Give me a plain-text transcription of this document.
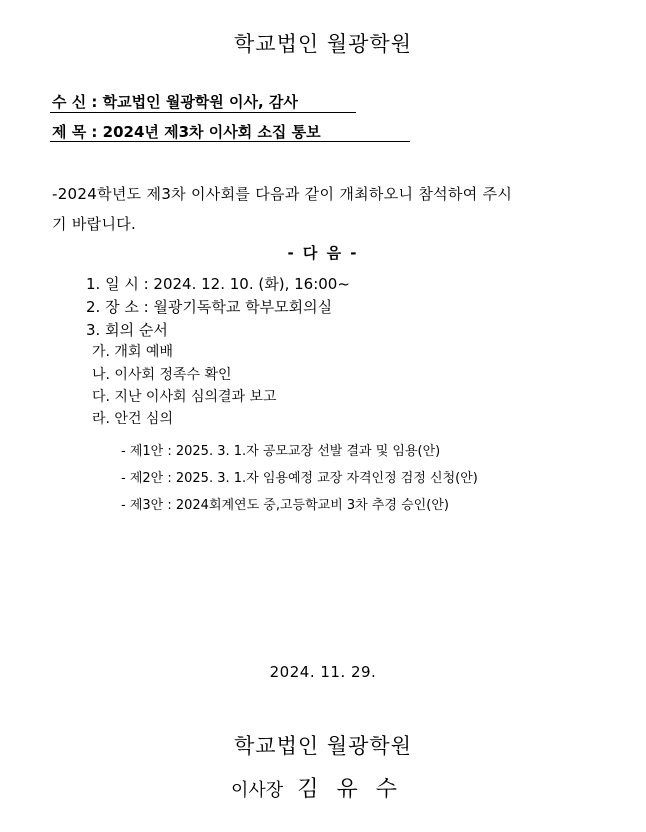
학교법인 월광학원
수 신 : 학교법인 월광학원 이사, 감사
제 목 : 2024년 제3차 이사회 소집 통보
-2024학년도 제3차 이사회를 다음과 같이 개최하오니 참석하여 주시
기 바랍니다.
- 다 음 -
1. 일 시 : 2024. 12. 10. (화), 16:00~
2. 장 소 : 월광기독학교 학부모회의실
3. 회의 순서
가. 개회 예배
나. 이사회 정족수 확인
다. 지난 이사회 심의결과 보고
라. 안건 심의
- 제1안 : 2025. 3. 1.자 공모교장 선발 결과 및 임용(안)
- 제2안 : 2025. 3. 1.자 임용예정 교장 자격인정 검정 신청(안)
- 제3안 : 2024회계연도 중,고등학교비 3차 추경 승인(안)
2024. 11. 29.
학교법인 월광학원
이사장 김유수
